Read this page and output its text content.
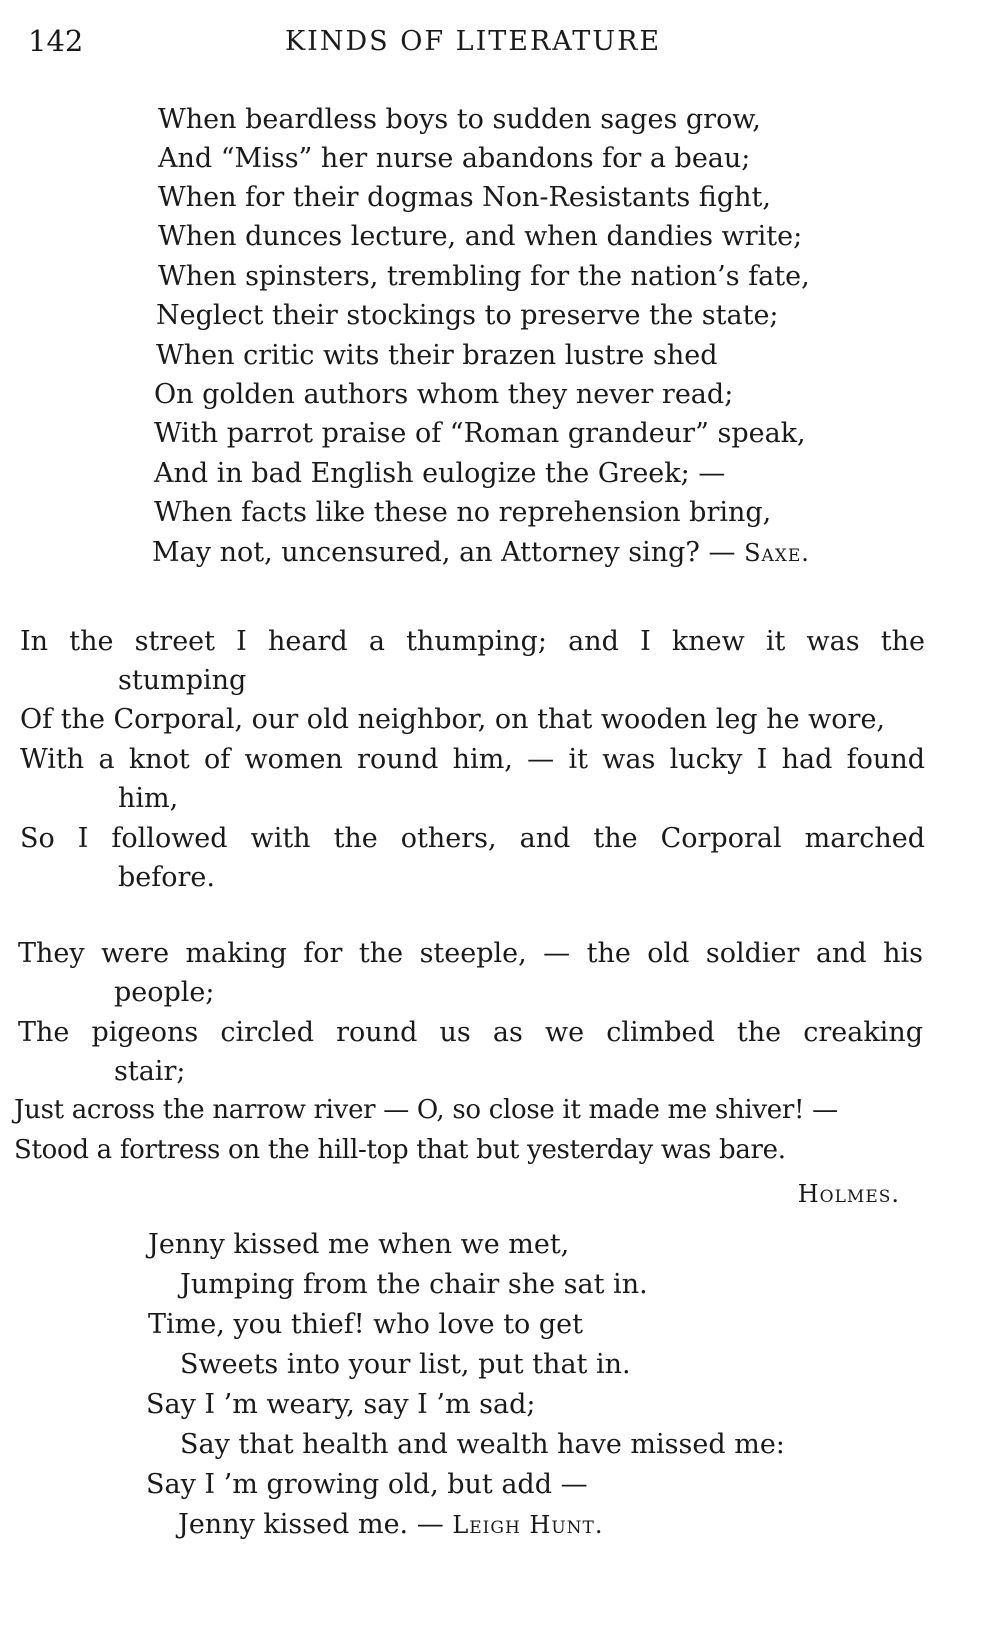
142	KINDS OF LITERATURE
When beardless boys to sudden sages grow,
And “Miss” her nurse abandons for a beau;
When for their dogmas Non-Resistants fight,
When dunces lecture, and when dandies write;
When spinsters, trembling for the nation’s fate,
Neglect their stockings to preserve the state;
When critic wits their brazen lustre shed
On golden authors whom they never read;
With parrot praise of “Roman grandeur” speak,
And in bad English eulogize the Greek; —
When facts like these no reprehension bring,
May not, uncensured, an Attorney sing? — Saxe.
In the street I heard a thumping; and I knew it was the
stumping
Of the Corporal, our old neighbor, on that wooden leg he wore,
With a knot of women round him, — it was lucky I had found
him,
So I followed with the others, and the Corporal marched
before.
They were making for the steeple, — the old soldier and his
people;
The pigeons circled round us as we climbed the creaking
stair;
Just across the narrow river — O, so close it made me shiver! —
Stood a fortress on the hill-top that but yesterday was bare.
Holmes.
Jenny kissed me when we met,
Jumping from the chair she sat in.
Time, you thief! who love to get
Sweets into your list, put that in.
Say I ’m weary, say I ’m sad;
Say that health and wealth have missed me:
Say I ’m growing old, but add —
Jenny kissed me. — Leigh Hunt.
